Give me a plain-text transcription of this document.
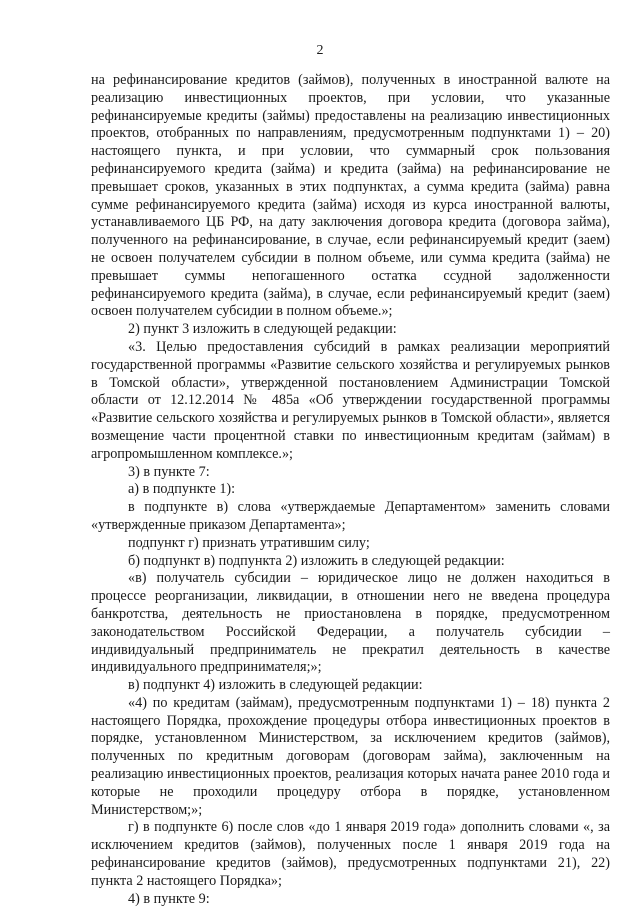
2

на рефинансирование кредитов (займов), полученных в иностранной валюте на реализацию инвестиционных проектов, при условии, что указанные рефинансируемые кредиты (займы) предоставлены на реализацию инвестиционных проектов, отобранных по направлениям, предусмотренным подпунктами 1) – 20) настоящего пункта, и при условии, что суммарный срок пользования рефинансируемого кредита (займа) и кредита (займа) на рефинансирование не превышает сроков, указанных в этих подпунктах, а сумма кредита (займа) равна сумме рефинансируемого кредита (займа) исходя из курса иностранной валюты, устанавливаемого ЦБ РФ, на дату заключения договора кредита (договора займа), полученного на рефинансирование, в случае, если рефинансируемый кредит (заем) не освоен получателем субсидии в полном объеме, или сумма кредита (займа) не превышает суммы непогашенного остатка ссудной задолженности рефинансируемого кредита (займа), в случае, если рефинансируемый кредит (заем) освоен получателем субсидии в полном объеме.»;

2) пункт 3 изложить в следующей редакции:

«3. Целью предоставления субсидий в рамках реализации мероприятий государственной программы «Развитие сельского хозяйства и регулируемых рынков в Томской области», утвержденной постановлением Администрации Томской области от 12.12.2014 № 485а «Об утверждении государственной программы «Развитие сельского хозяйства и регулируемых рынков в Томской области», является возмещение части процентной ставки по инвестиционным кредитам (займам) в агропромышленном комплексе.»;

3) в пункте 7:

а) в подпункте 1):

в подпункте в) слова «утверждаемые Департаментом» заменить словами «утвержденные приказом Департамента»;

подпункт г) признать утратившим силу;

б) подпункт в) подпункта 2) изложить в следующей редакции:

«в) получатель субсидии – юридическое лицо не должен находиться в процессе реорганизации, ликвидации, в отношении него не введена процедура банкротства, деятельность не приостановлена в порядке, предусмотренном законодательством Российской Федерации, а получатель субсидии – индивидуальный предприниматель не прекратил деятельность в качестве индивидуального предпринимателя;»;

в) подпункт 4) изложить в следующей редакции:

«4) по кредитам (займам), предусмотренным подпунктами 1) – 18) пункта 2 настоящего Порядка, прохождение процедуры отбора инвестиционных проектов в порядке, установленном Министерством, за исключением кредитов (займов), полученных по кредитным договорам (договорам займа), заключенным на реализацию инвестиционных проектов, реализация которых начата ранее 2010 года и которые не проходили процедуру отбора в порядке, установленном Министерством;»;

г) в подпункте 6) после слов «до 1 января 2019 года» дополнить словами «, за исключением кредитов (займов), полученных после 1 января 2019 года на рефинансирование кредитов (займов), предусмотренных подпунктами 21), 22) пункта 2 настоящего Порядка»;

4) в пункте 9:
